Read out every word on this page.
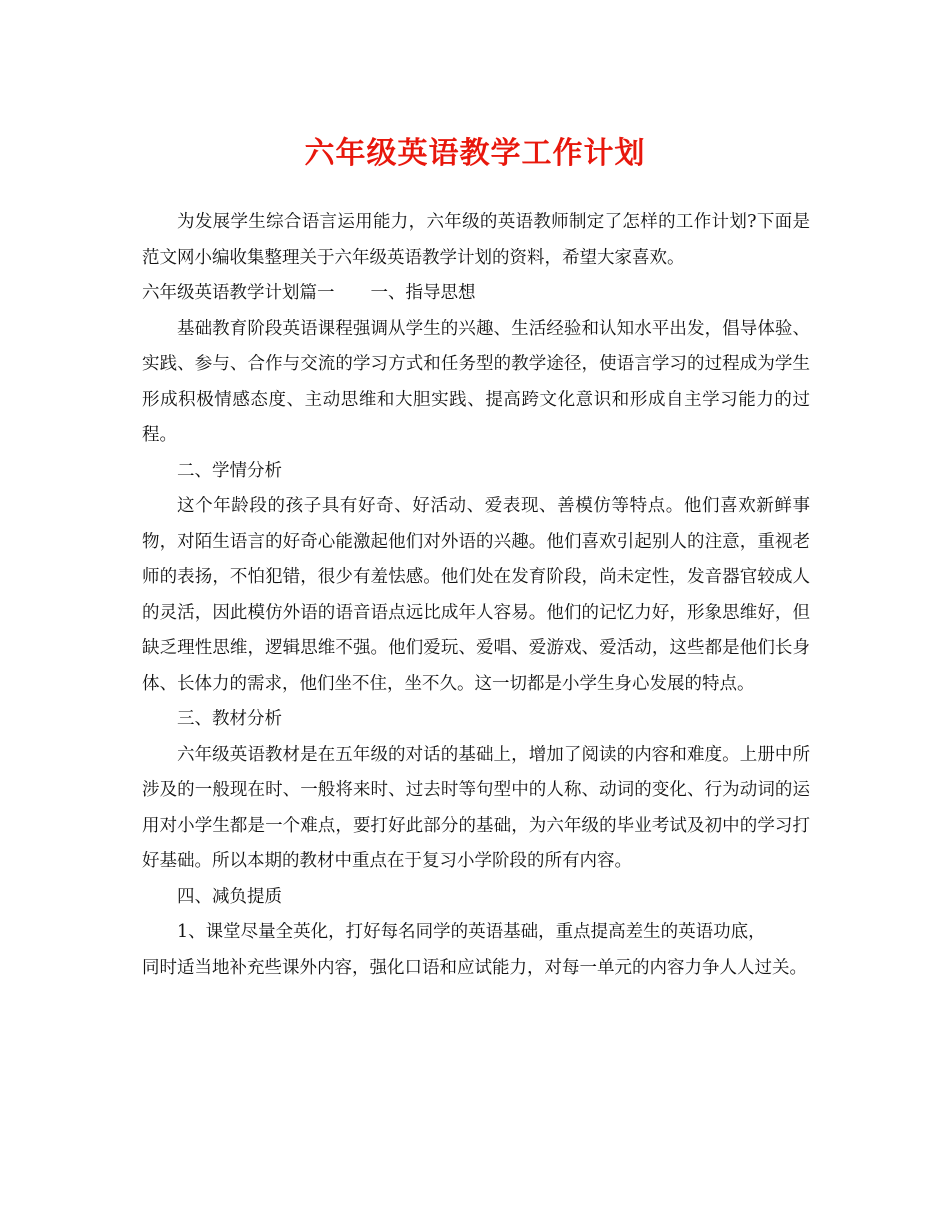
六年级英语教学工作计划

为发展学生综合语言运用能力，六年级的英语教师制定了怎样的工作计划?下面是范文网小编收集整理关于六年级英语教学计划的资料，希望大家喜欢。

六年级英语教学计划篇一 一、指导思想

基础教育阶段英语课程强调从学生的兴趣、生活经验和认知水平出发，倡导体验、实践、参与、合作与交流的学习方式和任务型的教学途径，使语言学习的过程成为学生形成积极情感态度、主动思维和大胆实践、提高跨文化意识和形成自主学习能力的过程。

二、学情分析

这个年龄段的孩子具有好奇、好活动、爱表现、善模仿等特点。他们喜欢新鲜事物，对陌生语言的好奇心能激起他们对外语的兴趣。他们喜欢引起别人的注意，重视老师的表扬，不怕犯错，很少有羞怯感。他们处在发育阶段，尚未定性，发音器官较成人的灵活，因此模仿外语的语音语点远比成年人容易。他们的记忆力好，形象思维好，但缺乏理性思维，逻辑思维不强。他们爱玩、爱唱、爱游戏、爱活动，这些都是他们长身体、长体力的需求，他们坐不住，坐不久。这一切都是小学生身心发展的特点。

三、教材分析

六年级英语教材是在五年级的对话的基础上，增加了阅读的内容和难度。上册中所涉及的一般现在时、一般将来时、过去时等句型中的人称、动词的变化、行为动词的运用对小学生都是一个难点，要打好此部分的基础，为六年级的毕业考试及初中的学习打好基础。所以本期的教材中重点在于复习小学阶段的所有内容。

四、减负提质

1、课堂尽量全英化，打好每名同学的英语基础，重点提高差生的英语功底，

同时适当地补充些课外内容，强化口语和应试能力，对每一单元的内容力争人人过关。
